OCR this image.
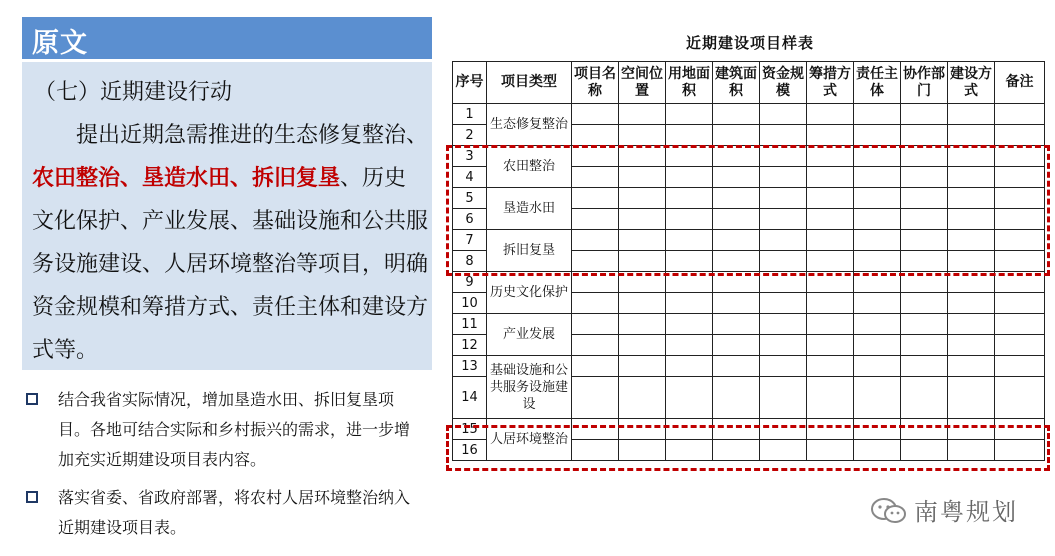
原文
（七）近期建设行动
提出近期急需推进的生态修复整治、农田整治、垦造水田、拆旧复垦、历史文化保护、产业发展、基础设施和公共服务设施建设、人居环境整治等项目，明确资金规模和筹措方式、责任主体和建设方式等。
结合我省实际情况，增加垦造水田、拆旧复垦项目。各地可结合实际和乡村振兴的需求，进一步增加充实近期建设项目表内容。
落实省委、省政府部署，将农村人居环境整治纳入近期建设项目表。
近期建设项目样表
序号	项目类型	项目名称	空间位置	用地面积	建筑面积	资金规模	筹措方式	责任主体	协作部门	建设方式	备注
1	生态修复整治										
2											
3	农田整治										
4											
5	垦造水田										
6											
7	拆旧复垦										
8											
9	历史文化保护										
10											
11	产业发展										
12											
13	基础设施和公共服务设施建设										
14											
15	人居环境整治										
16											
南粤规划
